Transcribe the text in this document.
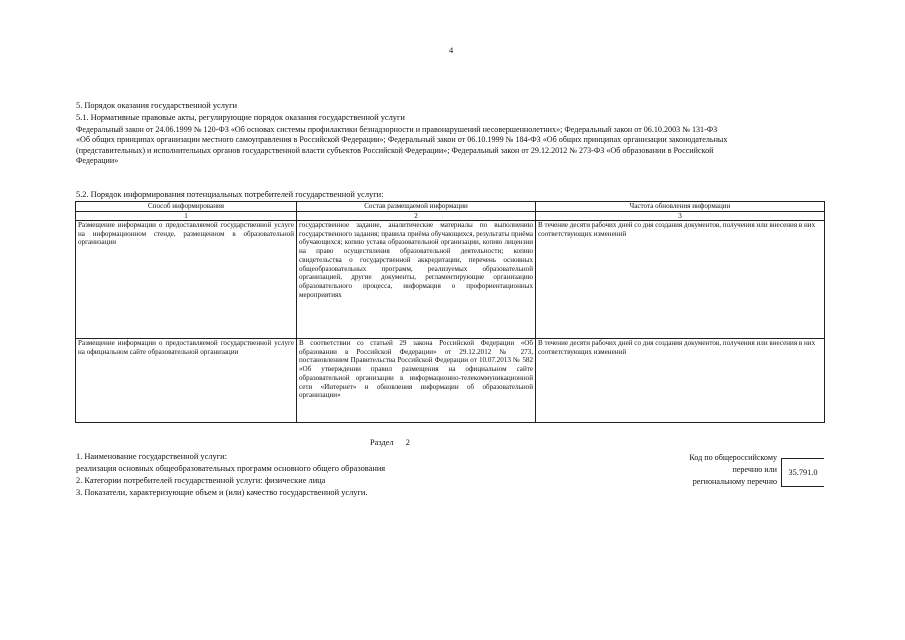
4
5. Порядок оказания государственной услуги
5.1. Нормативные правовые акты, регулирующие порядок оказания государственной услуги
Федеральный закон от 24.06.1999 № 120-ФЗ «Об основах системы профилактики безнадзорности и правонарушений несовершеннолетних»; Федеральный закон от 06.10.2003 № 131-ФЗ
«Об общих принципах организации местного самоуправления в Российской Федерации»; Федеральный закон от 06.10.1999 № 184-ФЗ «Об общих принципах организации законодательных
(представительных) и исполнительных органов государственной власти субъектов Российской Федерации»; Федеральный закон от 29.12.2012 № 273-ФЗ «Об образовании в Российской
Федерации»
5.2. Порядок информирования потенциальных потребителей государственной услуги:
Способ информирования	Состав размещаемой информации	Частота обновления информации
1	2	3
Размещение информации о предоставляемой государственной услуге на информационном стенде, размещенном в образовательной организации	государственное задание, аналитические материалы по выполнению государственного задания; правила приёма обучающихся, результаты приёма обучающихся; копию устава образовательной организации, копию лицензии на право осуществления образовательной деятельности; копию свидетельства о государственной аккредитации, перечень основных общеобразовательных программ, реализуемых образовательной организацией, другие документы, регламентирующие организацию образовательного процесса, информация о профориентационных мероприятиях	В течение десяти рабочих дней со дня создания документов, получения или внесения в них соответствующих изменений
Размещение информации о предоставляемой государственной услуге на официальном сайте образовательной организации	В соответствии со статьей 29 закона Российской Федерации «Об образовании в Российской Федерации» от 29.12.2012 № 273, постановлением Правительства Российской Федерации от 10.07.2013 № 582 «Об утверждении правил размещения на официальном сайте образовательной организации в информационно-телекоммуникационной сети «Интернет» и обновления информации об образовательной организации»	В течение десяти рабочих дней со дня создания документов, получения или внесения в них соответствующих изменений
Раздел 2
1. Наименование государственной услуги:
реализация основных общеобразовательных программ основного общего образования
2. Категории потребителей государственной услуги: физические лица
3. Показатели, характеризующие объем и (или) качество государственной услуги.
Код по общероссийскому
перечню или
региональному перечню
35.791.0
